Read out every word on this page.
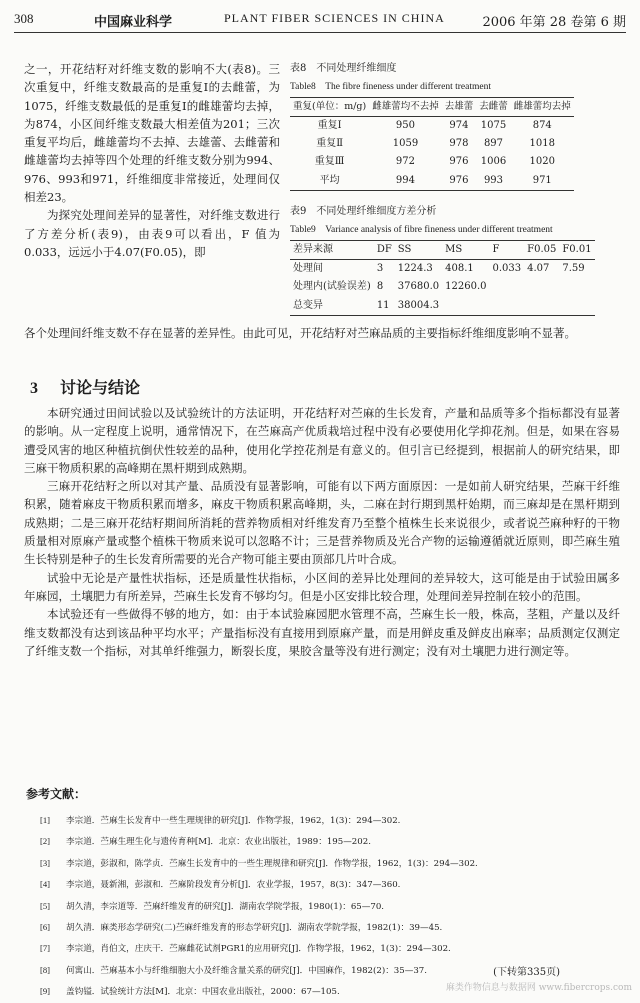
308	中国麻业科学	PLANT FIBER SCIENCES IN CHINA	2006 年第 28 卷第 6 期

之一，开花结籽对纤维支数的影响不大(表8)。三次重复中，纤维支数最高的是重复Ⅰ的去雌蕾，为1075，纤维支数最低的是重复Ⅰ的雌雄蕾均去掉，为874，小区间纤维支数最大相差值为201；三次重复平均后，雌雄蕾均不去掉、去雄蕾、去雌蕾和雌雄蕾均去掉等四个处理的纤维支数分别为994、976、993和971，纤维细度非常接近，处理间仅相差23。

为探究处理间差异的显著性，对纤维支数进行了方差分析(表9)，由表9可以看出，F 值为0.033，远远小于4.07(F0.05)，即

表8　不同处理纤维细度

Table8　The fibre fineness under different treatment

重复(单位：m/g)	雌雄蕾均不去掉	去雄蕾	去雌蕾	雌雄蕾均去掉
重复Ⅰ	950	974	1075	874
重复Ⅱ	1059	978	897	1018
重复Ⅲ	972	976	1006	1020
平均	994	976	993	971

表9　不同处理纤维细度方差分析

Table9　Variance analysis of fibre fineness under different treatment

差异来源	DF	SS	MS	F	F0.05	F0.01
处理间	3	1224.3	408.1	0.033	4.07	7.59
处理内(试验误差)	8	37680.0	12260.0			
总变异	11	38004.3				

各个处理间纤维支数不存在显著的差异性。由此可见，开花结籽对苎麻品质的主要指标纤维细度影响不显著。

3 讨论与结论

本研究通过田间试验以及试验统计的方法证明，开花结籽对苎麻的生长发育，产量和品质等多个指标都没有显著的影响。从一定程度上说明，通常情况下，在苎麻高产优质栽培过程中没有必要使用化学抑花剂。但是，如果在容易遭受风害的地区种植抗倒伏性较差的品种，使用化学控花剂是有意义的。但引言已经提到，根据前人的研究结果，即三麻干物质积累的高峰期在黑杆期到成熟期。

三麻开花结籽之所以对其产量、品质没有显著影响，可能有以下两方面原因：一是如前人研究结果，苎麻干纤维积累，随着麻皮干物质积累而增多，麻皮干物质积累高峰期，头，二麻在封行期到黑杆始期，而三麻却是在黑杆期到成熟期；二是三麻开花结籽期间所消耗的营养物质相对纤维发育乃至整个植株生长来说很少，或者说苎麻种籽的干物质量相对原麻产量或整个植株干物质来说可以忽略不计；三是营养物质及光合产物的运输遵循就近原则，即苎麻生殖生长特别是种子的生长发育所需要的光合产物可能主要由顶部几片叶合成。

试验中无论是产量性状指标，还是质量性状指标，小区间的差异比处理间的差异较大，这可能是由于试验田属多年麻园，土壤肥力有所差异，苎麻生长发育不够均匀。但是小区安排比较合理，处理间差异控制在较小的范围。

本试验还有一些做得不够的地方，如：由于本试验麻园肥水管理不高，苎麻生长一般，株高，茎粗，产量以及纤维支数都没有达到该品种平均水平；产量指标没有直接用到原麻产量，而是用鲜皮重及鲜皮出麻率；品质测定仅测定了纤维支数一个指标，对其单纤维强力，断裂长度，果胶含量等没有进行测定；没有对土壤肥力进行测定等。

参考文献：

[1] 李宗道．苎麻生长发育中一些生理规律的研究[J]．作物学报，1962，1(3)：294—302.
[2] 李宗道．苎麻生理生化与遗传育种[M]．北京：农业出版社，1989：195—202.
[3] 李宗道，彭淑和，陈学贞．苎麻生长发育中的一些生理规律和研究[J]．作物学报，1962，1(3)：294—302.
[4] 李宗道，聂新湘，彭淑和．苎麻阶段发育分析[J]．农业学报，1957，8(3)：347—360.
[5] 胡久清，李宗道等．苎麻纤维发育的研究[J]．湖南农学院学报，1980(1)：65—70.
[6] 胡久清．麻类形态学研究(二)苎麻纤维发育的形态学研究[J]．湖南农学院学报，1982(1)：39—45.
[7] 李宗道，肖伯文，庄庆干．苎麻雌花试剂PGR1的应用研究[J]．作物学报，1962，1(3)：294—302.
[8] 何寓山．苎麻基本小与纤维细胞大小及纤维含量关系的研究[J]．中国麻作，1982(2)：35—37.
[9] 盖钧镒．试验统计方法[M]．北京：中国农业出版社，2000：67—105.
(下转第335页)
麻类作物信息与数据网 www.fibercrops.com
